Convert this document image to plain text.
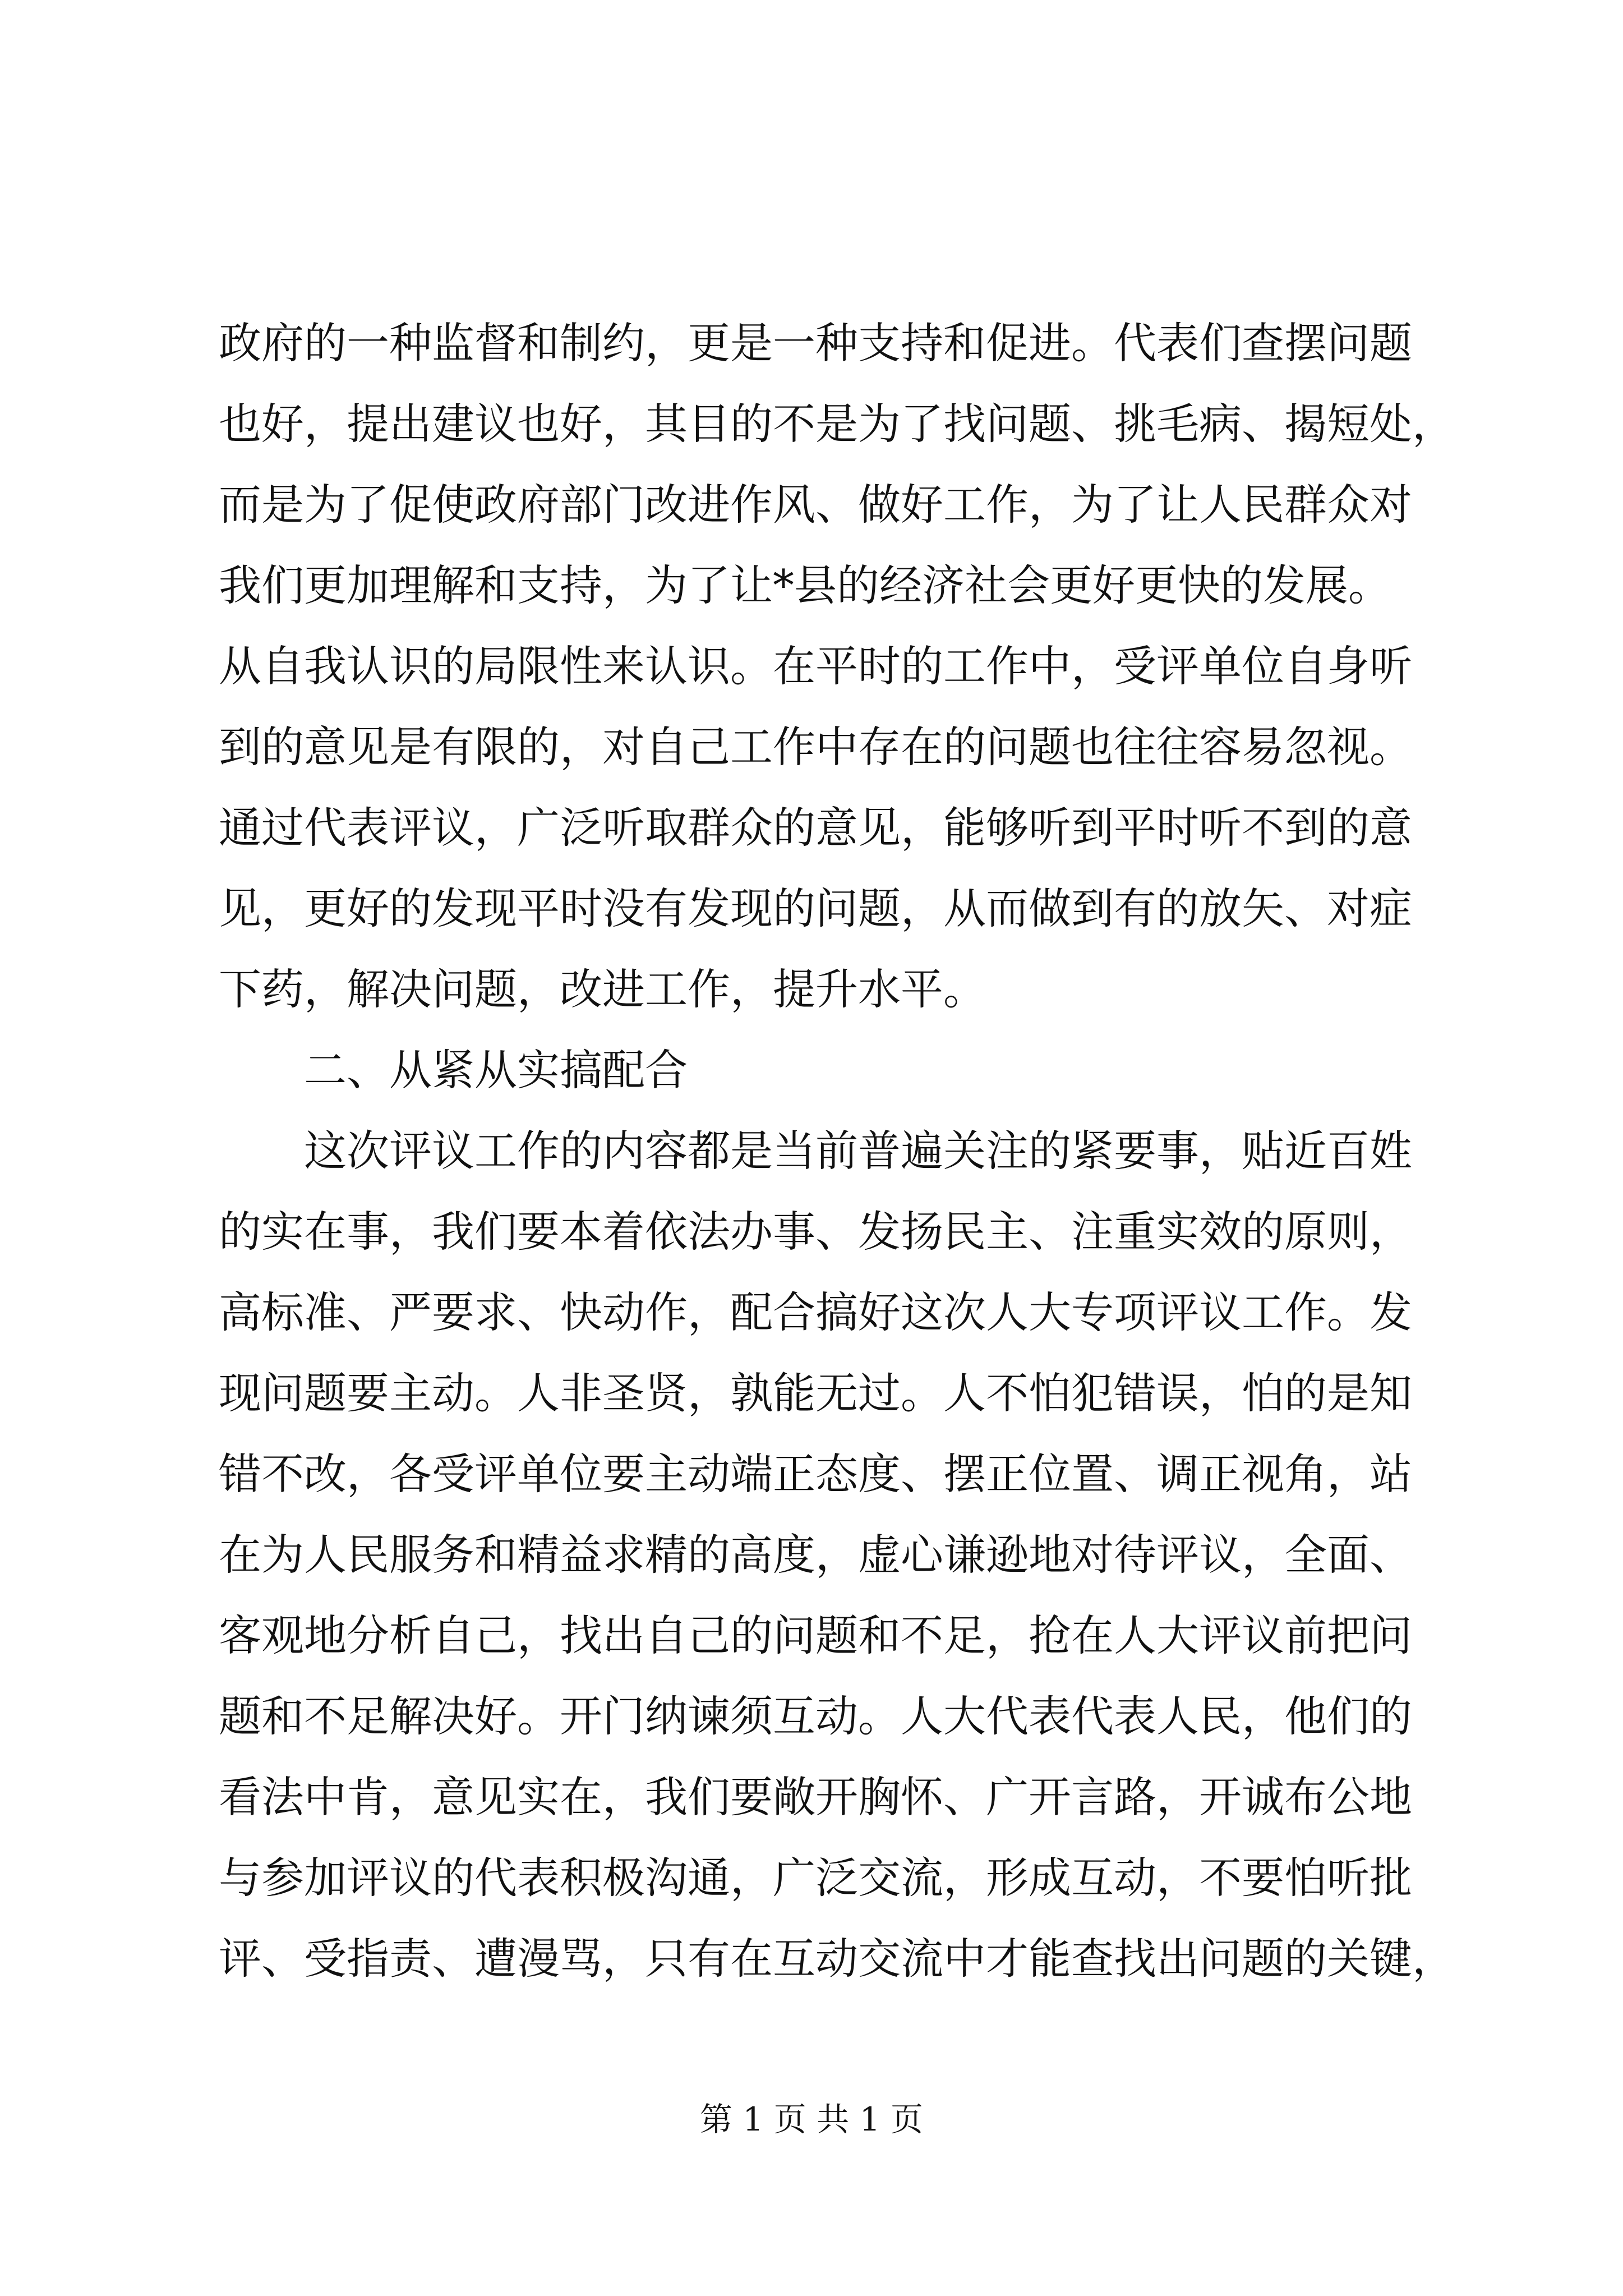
政府的一种监督和制约，更是一种支持和促进。代表们查摆问题
也好，提出建议也好，其目的不是为了找问题、挑毛病、揭短处，
而是为了促使政府部门改进作风、做好工作，为了让人民群众对
我们更加理解和支持，为了让*县的经济社会更好更快的发展。
从自我认识的局限性来认识。在平时的工作中，受评单位自身听
到的意见是有限的，对自己工作中存在的问题也往往容易忽视。
通过代表评议，广泛听取群众的意见，能够听到平时听不到的意
见，更好的发现平时没有发现的问题，从而做到有的放矢、对症
下药，解决问题，改进工作，提升水平。
二、从紧从实搞配合
这次评议工作的内容都是当前普遍关注的紧要事，贴近百姓
的实在事，我们要本着依法办事、发扬民主、注重实效的原则，
高标准、严要求、快动作，配合搞好这次人大专项评议工作。发
现问题要主动。人非圣贤，孰能无过。人不怕犯错误，怕的是知
错不改，各受评单位要主动端正态度、摆正位置、调正视角，站
在为人民服务和精益求精的高度，虚心谦逊地对待评议，全面、
客观地分析自己，找出自己的问题和不足，抢在人大评议前把问
题和不足解决好。开门纳谏须互动。人大代表代表人民，他们的
看法中肯，意见实在，我们要敞开胸怀、广开言路，开诚布公地
与参加评议的代表积极沟通，广泛交流，形成互动，不要怕听批
评、受指责、遭漫骂，只有在互动交流中才能查找出问题的关键，
第 1 页 共 1 页
